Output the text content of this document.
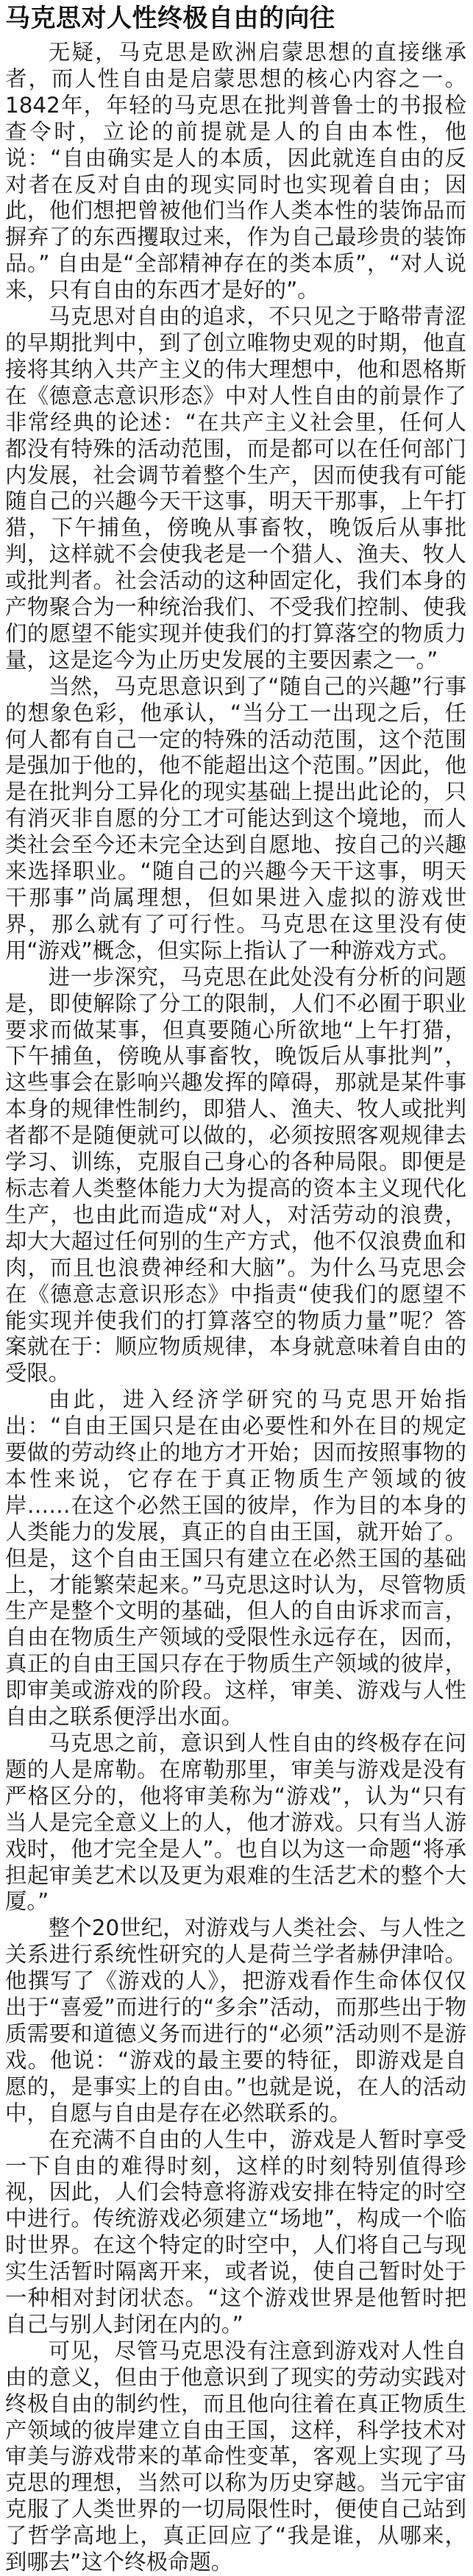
马克思对人性终极自由的向往

无疑，马克思是欧洲启蒙思想的直接继承者，而人性自由是启蒙思想的核心内容之一。1842年，年轻的马克思在批判普鲁士的书报检查令时，立论的前提就是人的自由本性，他说：“自由确实是人的本质，因此就连自由的反对者在反对自由的现实同时也实现着自由；因此，他们想把曾被他们当作人类本性的装饰品而摒弃了的东西攫取过来，作为自己最珍贵的装饰品。” 自由是“全部精神存在的类本质”，“对人说来，只有自由的东西才是好的”。

马克思对自由的追求，不只见之于略带青涩的早期批判中，到了创立唯物史观的时期，他直接将其纳入共产主义的伟大理想中，他和恩格斯在《德意志意识形态》中对人性自由的前景作了非常经典的论述：“在共产主义社会里，任何人都没有特殊的活动范围，而是都可以在任何部门内发展，社会调节着整个生产，因而使我有可能随自己的兴趣今天干这事，明天干那事，上午打猎，下午捕鱼，傍晚从事畜牧，晚饭后从事批判，这样就不会使我老是一个猎人、渔夫、牧人或批判者。社会活动的这种固定化，我们本身的产物聚合为一种统治我们、不受我们控制、使我们的愿望不能实现并使我们的打算落空的物质力量，这是迄今为止历史发展的主要因素之一。”

当然，马克思意识到了“随自己的兴趣”行事的想象色彩，他承认，“当分工一出现之后，任何人都有自己一定的特殊的活动范围，这个范围是强加于他的，他不能超出这个范围。”因此，他是在批判分工异化的现实基础上提出此论的，只有消灭非自愿的分工才可能达到这个境地，而人类社会至今还未完全达到自愿地、按自己的兴趣来选择职业。“随自己的兴趣今天干这事，明天干那事”尚属理想，但如果进入虚拟的游戏世界，那么就有了可行性。马克思在这里没有使用“游戏”概念，但实际上指认了一种游戏方式。

进一步深究，马克思在此处没有分析的问题是，即使解除了分工的限制，人们不必囿于职业要求而做某事，但真要随心所欲地“上午打猎，下午捕鱼，傍晚从事畜牧，晚饭后从事批判”，这些事会在影响兴趣发挥的障碍，那就是某件事本身的规律性制约，即猎人、渔夫、牧人或批判者都不是随便就可以做的，必须按照客观规律去学习、训练，克服自己身心的各种局限。即便是标志着人类整体能力大为提高的资本主义现代化生产，也由此而造成“对人，对活劳动的浪费，却大大超过任何别的生产方式，他不仅浪费血和肉，而且也浪费神经和大脑”。为什么马克思会在《德意志意识形态》中指责“使我们的愿望不能实现并使我们的打算落空的物质力量”呢？答案就在于：顺应物质规律，本身就意味着自由的受限。

由此，进入经济学研究的马克思开始指出：“自由王国只是在由必要性和外在目的规定要做的劳动终止的地方才开始；因而按照事物的本性来说，它存在于真正物质生产领域的彼岸……在这个必然王国的彼岸，作为目的本身的人类能力的发展，真正的自由王国，就开始了。但是，这个自由王国只有建立在必然王国的基础上，才能繁荣起来。”马克思这时认为，尽管物质生产是整个文明的基础，但人的自由诉求而言，自由在物质生产领域的受限性永远存在，因而，真正的自由王国只存在于物质生产领域的彼岸，即审美或游戏的阶段。这样，审美、游戏与人性自由之联系便浮出水面。

马克思之前，意识到人性自由的终极存在问题的人是席勒。在席勒那里，审美与游戏是没有严格区分的，他将审美称为“游戏”，认为“只有当人是完全意义上的人，他才游戏。只有当人游戏时，他才完全是人”。也自以为这一命题“将承担起审美艺术以及更为艰难的生活艺术的整个大厦。”

整个20世纪，对游戏与人类社会、与人性之关系进行系统性研究的人是荷兰学者赫伊津哈。他撰写了《游戏的人》，把游戏看作生命体仅仅出于“喜爱”而进行的“多余”活动，而那些出于物质需要和道德义务而进行的“必须”活动则不是游戏。他说：“游戏的最主要的特征，即游戏是自愿的，是事实上的自由。”也就是说，在人的活动中，自愿与自由是存在必然联系的。

在充满不自由的人生中，游戏是人暂时享受一下自由的难得时刻，这样的时刻特别值得珍视，因此，人们会特意将游戏安排在特定的时空中进行。传统游戏必须建立“场地”，构成一个临时世界。在这个特定的时空中，人们将自己与现实生活暂时隔离开来，或者说，使自己暂时处于一种相对封闭状态。“这个游戏世界是他暂时把自己与别人封闭在内的。”

可见，尽管马克思没有注意到游戏对人性自由的意义，但由于他意识到了现实的劳动实践对终极自由的制约性，而且他向往着在真正物质生产领域的彼岸建立自由王国，这样，科学技术对审美与游戏带来的革命性变革，客观上实现了马克思的理想，当然可以称为历史穿越。当元宇宙克服了人类世界的一切局限性时，便使自己站到了哲学高地上，真正回应了“我是谁，从哪来，到哪去”这个终极命题。
